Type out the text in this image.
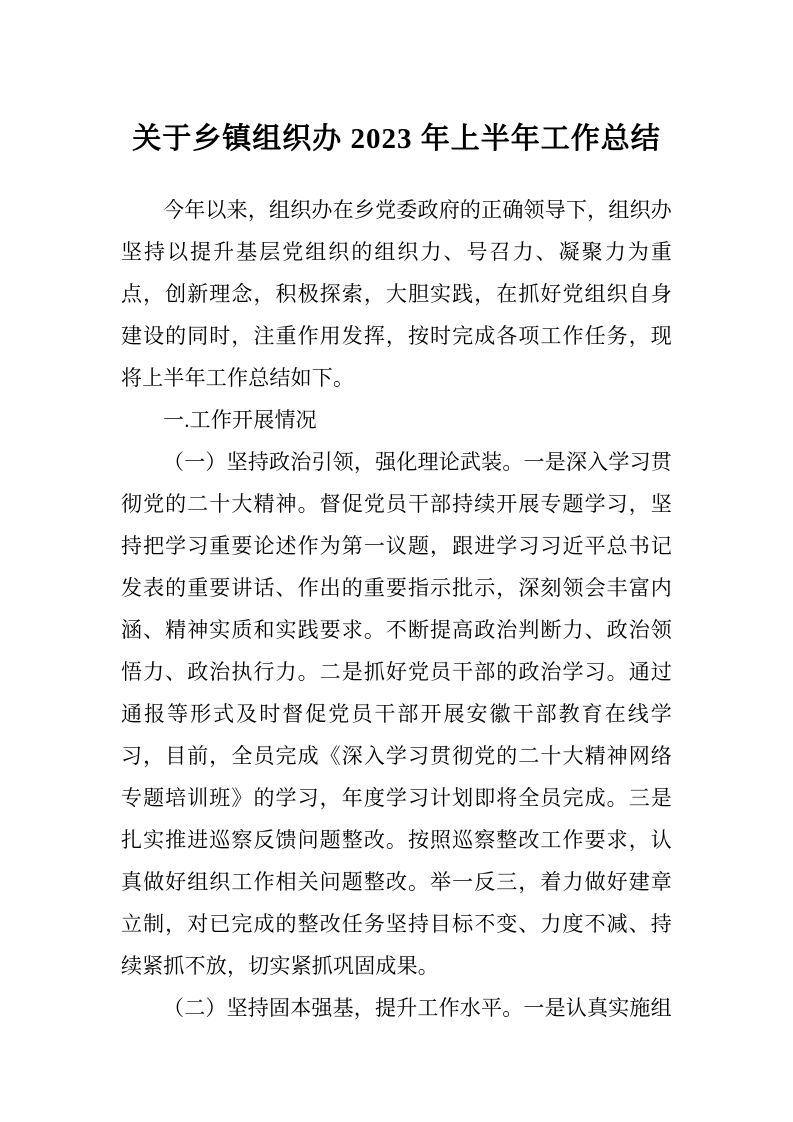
关于乡镇组织办 2023 年上半年工作总结

今年以来，组织办在乡党委政府的正确领导下，组织办坚持以提升基层党组织的组织力、号召力、凝聚力为重点，创新理念，积极探索，大胆实践，在抓好党组织自身建设的同时，注重作用发挥，按时完成各项工作任务，现将上半年工作总结如下。

一.工作开展情况

（一）坚持政治引领，强化理论武装。一是深入学习贯彻党的二十大精神。督促党员干部持续开展专题学习，坚持把学习重要论述作为第一议题，跟进学习习近平总书记发表的重要讲话、作出的重要指示批示，深刻领会丰富内涵、精神实质和实践要求。不断提高政治判断力、政治领悟力、政治执行力。二是抓好党员干部的政治学习。通过通报等形式及时督促党员干部开展安徽干部教育在线学习，目前，全员完成《深入学习贯彻党的二十大精神网络专题培训班》的学习，年度学习计划即将全员完成。三是扎实推进巡察反馈问题整改。按照巡察整改工作要求，认真做好组织工作相关问题整改。举一反三，着力做好建章立制，对已完成的整改任务坚持目标不变、力度不减、持续紧抓不放，切实紧抓巩固成果。

（二）坚持固本强基，提升工作水平。一是认真实施组
